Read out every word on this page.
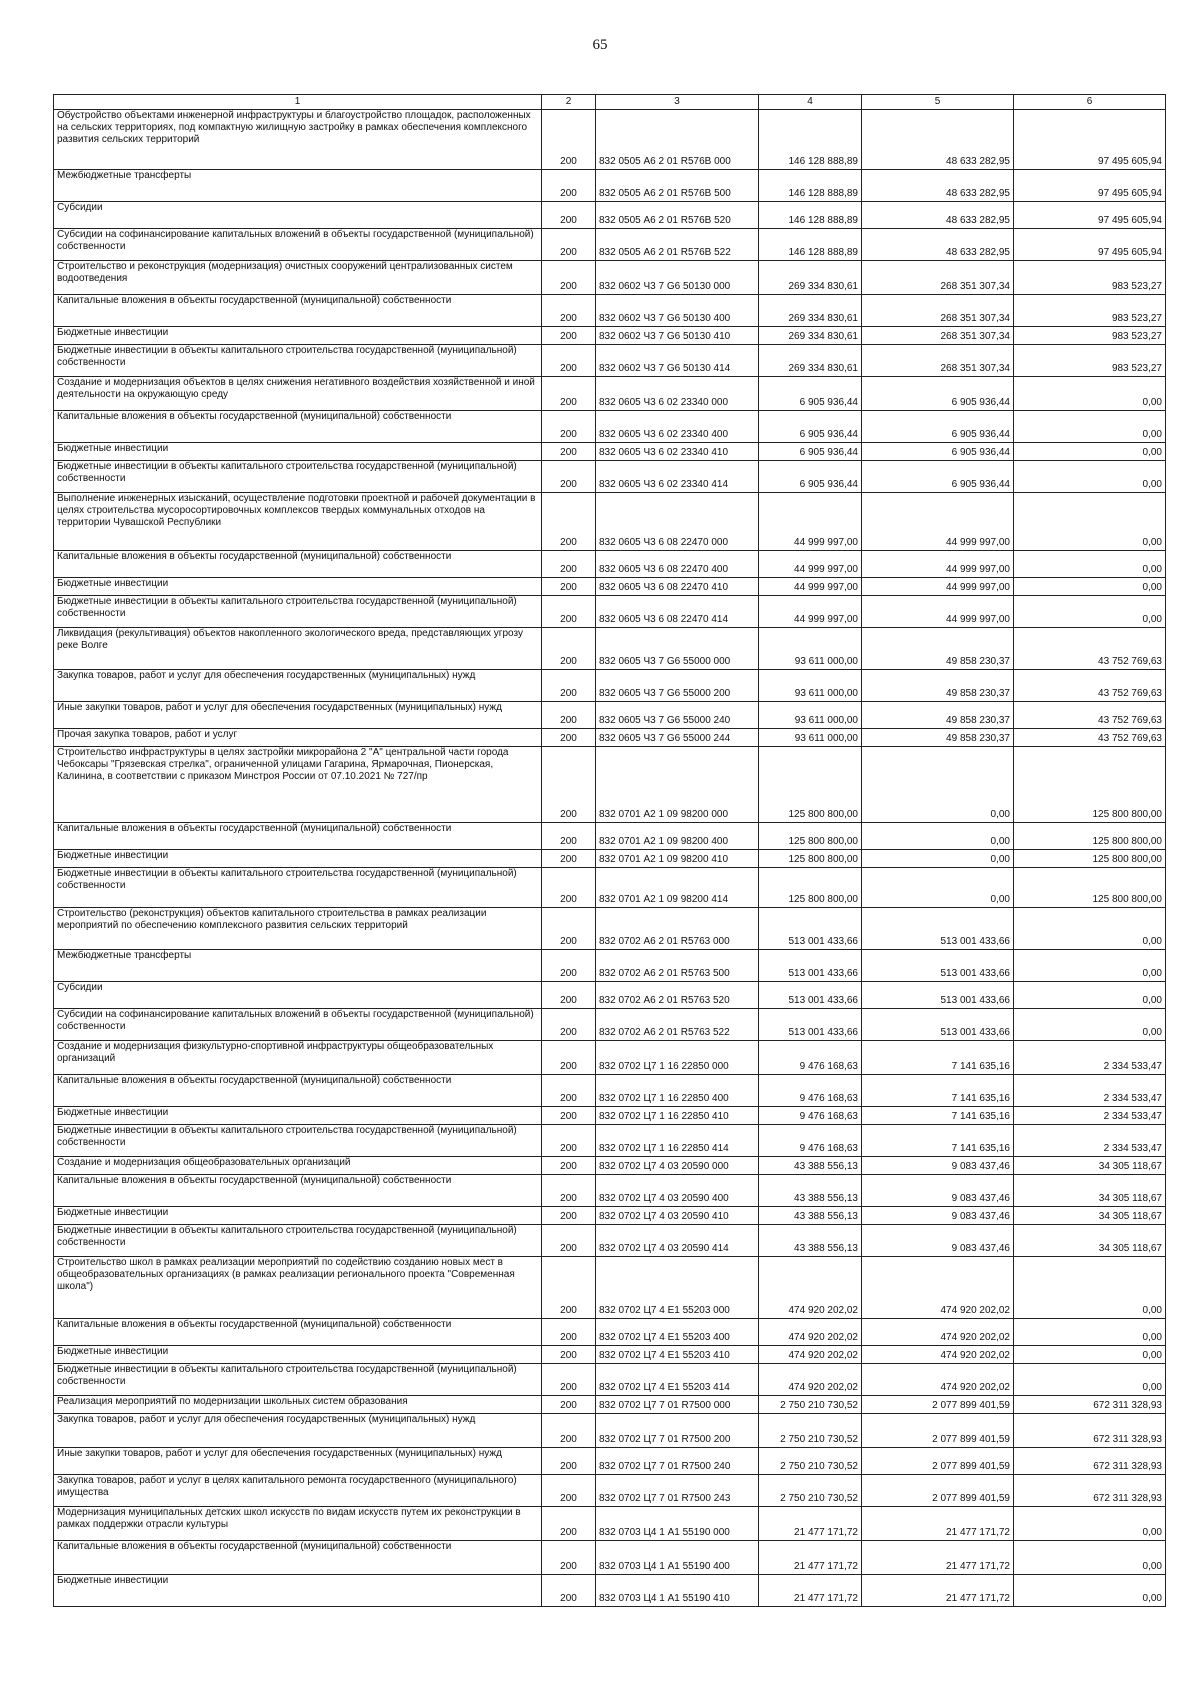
65
1	2	3	4	5	6
Обустройство объектами инженерной инфраструктуры и благоустройство площадок, расположенных на сельских территориях, под компактную жилищную застройку в рамках обеспечения комплексного развития сельских территорий	200	832 0505 А6 2 01 R576В 000	146 128 888,89	48 633 282,95	97 495 605,94
Межбюджетные трансферты	200	832 0505 А6 2 01 R576В 500	146 128 888,89	48 633 282,95	97 495 605,94
Субсидии	200	832 0505 А6 2 01 R576В 520	146 128 888,89	48 633 282,95	97 495 605,94
Субсидии на софинансирование капитальных вложений в объекты государственной (муниципальной) собственности	200	832 0505 А6 2 01 R576В 522	146 128 888,89	48 633 282,95	97 495 605,94
Строительство и реконструкция (модернизация) очистных сооружений централизованных систем водоотведения	200	832 0602 Ч3 7 G6 50130 000	269 334 830,61	268 351 307,34	983 523,27
Капитальные вложения в объекты государственной (муниципальной) собственности	200	832 0602 Ч3 7 G6 50130 400	269 334 830,61	268 351 307,34	983 523,27
Бюджетные инвестиции	200	832 0602 Ч3 7 G6 50130 410	269 334 830,61	268 351 307,34	983 523,27
Бюджетные инвестиции в объекты капитального строительства государственной (муниципальной) собственности	200	832 0602 Ч3 7 G6 50130 414	269 334 830,61	268 351 307,34	983 523,27
Создание и модернизация объектов в целях снижения негативного воздействия хозяйственной и иной деятельности на окружающую среду	200	832 0605 Ч3 6 02 23340 000	6 905 936,44	6 905 936,44	0,00
Капитальные вложения в объекты государственной (муниципальной) собственности	200	832 0605 Ч3 6 02 23340 400	6 905 936,44	6 905 936,44	0,00
Бюджетные инвестиции	200	832 0605 Ч3 6 02 23340 410	6 905 936,44	6 905 936,44	0,00
Бюджетные инвестиции в объекты капитального строительства государственной (муниципальной) собственности	200	832 0605 Ч3 6 02 23340 414	6 905 936,44	6 905 936,44	0,00
Выполнение инженерных изысканий, осуществление подготовки проектной и рабочей документации в целях строительства мусоросортировочных комплексов твердых коммунальных отходов на территории Чувашской Республики	200	832 0605 Ч3 6 08 22470 000	44 999 997,00	44 999 997,00	0,00
Капитальные вложения в объекты государственной (муниципальной) собственности	200	832 0605 Ч3 6 08 22470 400	44 999 997,00	44 999 997,00	0,00
Бюджетные инвестиции	200	832 0605 Ч3 6 08 22470 410	44 999 997,00	44 999 997,00	0,00
Бюджетные инвестиции в объекты капитального строительства государственной (муниципальной) собственности	200	832 0605 Ч3 6 08 22470 414	44 999 997,00	44 999 997,00	0,00
Ликвидация (рекультивация) объектов накопленного экологического вреда, представляющих угрозу реке Волге	200	832 0605 Ч3 7 G6 55000 000	93 611 000,00	49 858 230,37	43 752 769,63
Закупка товаров, работ и услуг для обеспечения государственных (муниципальных) нужд	200	832 0605 Ч3 7 G6 55000 200	93 611 000,00	49 858 230,37	43 752 769,63
Иные закупки товаров, работ и услуг для обеспечения государственных (муниципальных) нужд	200	832 0605 Ч3 7 G6 55000 240	93 611 000,00	49 858 230,37	43 752 769,63
Прочая закупка товаров, работ и услуг	200	832 0605 Ч3 7 G6 55000 244	93 611 000,00	49 858 230,37	43 752 769,63
Строительство инфраструктуры в целях застройки микрорайона 2 "А" центральной части города Чебоксары "Грязевская стрелка", ограниченной улицами Гагарина, Ярмарочная, Пионерская, Калинина, в соответствии с приказом Минстроя России от 07.10.2021 № 727/пр	200	832 0701 А2 1 09 98200 000	125 800 800,00	0,00	125 800 800,00
Капитальные вложения в объекты государственной (муниципальной) собственности	200	832 0701 А2 1 09 98200 400	125 800 800,00	0,00	125 800 800,00
Бюджетные инвестиции	200	832 0701 А2 1 09 98200 410	125 800 800,00	0,00	125 800 800,00
Бюджетные инвестиции в объекты капитального строительства государственной (муниципальной) собственности	200	832 0701 А2 1 09 98200 414	125 800 800,00	0,00	125 800 800,00
Строительство (реконструкция) объектов капитального строительства в рамках реализации мероприятий по обеспечению комплексного развития сельских территорий	200	832 0702 А6 2 01 R5763 000	513 001 433,66	513 001 433,66	0,00
Межбюджетные трансферты	200	832 0702 А6 2 01 R5763 500	513 001 433,66	513 001 433,66	0,00
Субсидии	200	832 0702 А6 2 01 R5763 520	513 001 433,66	513 001 433,66	0,00
Субсидии на софинансирование капитальных вложений в объекты государственной (муниципальной) собственности	200	832 0702 А6 2 01 R5763 522	513 001 433,66	513 001 433,66	0,00
Создание и модернизация физкультурно-спортивной инфраструктуры общеобразовательных организаций	200	832 0702 Ц7 1 16 22850 000	9 476 168,63	7 141 635,16	2 334 533,47
Капитальные вложения в объекты государственной (муниципальной) собственности	200	832 0702 Ц7 1 16 22850 400	9 476 168,63	7 141 635,16	2 334 533,47
Бюджетные инвестиции	200	832 0702 Ц7 1 16 22850 410	9 476 168,63	7 141 635,16	2 334 533,47
Бюджетные инвестиции в объекты капитального строительства государственной (муниципальной) собственности	200	832 0702 Ц7 1 16 22850 414	9 476 168,63	7 141 635,16	2 334 533,47
Создание и модернизация общеобразовательных организаций	200	832 0702 Ц7 4 03 20590 000	43 388 556,13	9 083 437,46	34 305 118,67
Капитальные вложения в объекты государственной (муниципальной) собственности	200	832 0702 Ц7 4 03 20590 400	43 388 556,13	9 083 437,46	34 305 118,67
Бюджетные инвестиции	200	832 0702 Ц7 4 03 20590 410	43 388 556,13	9 083 437,46	34 305 118,67
Бюджетные инвестиции в объекты капитального строительства государственной (муниципальной) собственности	200	832 0702 Ц7 4 03 20590 414	43 388 556,13	9 083 437,46	34 305 118,67
Строительство школ в рамках реализации мероприятий по содействию созданию новых мест в общеобразовательных организациях (в рамках реализации регионального проекта "Современная школа")	200	832 0702 Ц7 4 Е1 55203 000	474 920 202,02	474 920 202,02	0,00
Капитальные вложения в объекты государственной (муниципальной) собственности	200	832 0702 Ц7 4 Е1 55203 400	474 920 202,02	474 920 202,02	0,00
Бюджетные инвестиции	200	832 0702 Ц7 4 Е1 55203 410	474 920 202,02	474 920 202,02	0,00
Бюджетные инвестиции в объекты капитального строительства государственной (муниципальной) собственности	200	832 0702 Ц7 4 Е1 55203 414	474 920 202,02	474 920 202,02	0,00
Реализация мероприятий по модернизации школьных систем образования	200	832 0702 Ц7 7 01 R7500 000	2 750 210 730,52	2 077 899 401,59	672 311 328,93
Закупка товаров, работ и услуг для обеспечения государственных (муниципальных) нужд	200	832 0702 Ц7 7 01 R7500 200	2 750 210 730,52	2 077 899 401,59	672 311 328,93
Иные закупки товаров, работ и услуг для обеспечения государственных (муниципальных) нужд	200	832 0702 Ц7 7 01 R7500 240	2 750 210 730,52	2 077 899 401,59	672 311 328,93
Закупка товаров, работ и услуг в целях капитального ремонта государственного (муниципального) имущества	200	832 0702 Ц7 7 01 R7500 243	2 750 210 730,52	2 077 899 401,59	672 311 328,93
Модернизация муниципальных детских школ искусств по видам искусств путем их реконструкции в рамках поддержки отрасли культуры	200	832 0703 Ц4 1 А1 55190 000	21 477 171,72	21 477 171,72	0,00
Капитальные вложения в объекты государственной (муниципальной) собственности	200	832 0703 Ц4 1 А1 55190 400	21 477 171,72	21 477 171,72	0,00
Бюджетные инвестиции	200	832 0703 Ц4 1 А1 55190 410	21 477 171,72	21 477 171,72	0,00
